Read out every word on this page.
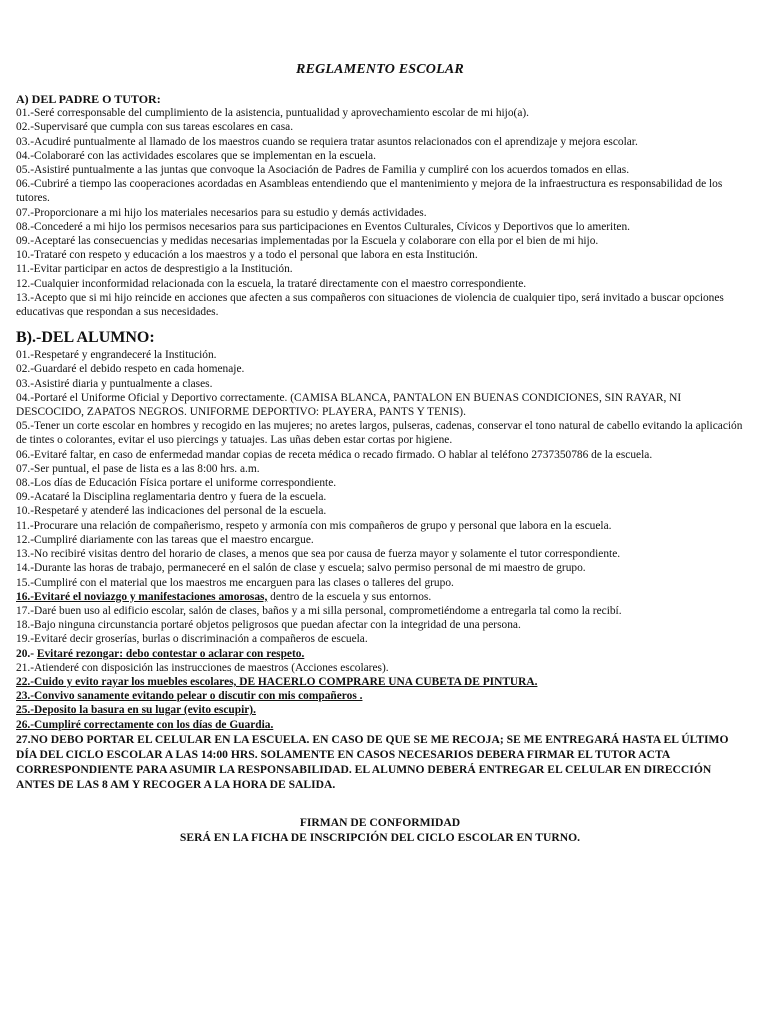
REGLAMENTO ESCOLAR
A) DEL PADRE O TUTOR:
01.-Seré corresponsable del cumplimiento de la asistencia, puntualidad y aprovechamiento escolar de mi hijo(a).
02.-Supervisaré que cumpla con sus tareas escolares en casa.
03.-Acudiré puntualmente al llamado de los maestros cuando se requiera tratar asuntos relacionados con el aprendizaje y mejora escolar.
04.-Colaboraré con las actividades escolares que se implementan en la escuela.
05.-Asistiré puntualmente a las juntas que convoque la Asociación de Padres de Familia y cumpliré con los acuerdos tomados en ellas.
06.-Cubriré a tiempo las cooperaciones acordadas en Asambleas entendiendo que el mantenimiento y mejora de la infraestructura es responsabilidad de los tutores.
07.-Proporcionare a mi hijo los materiales necesarios para su estudio y demás actividades.
08.-Concederé a mi hijo los permisos necesarios para sus participaciones en Eventos Culturales, Cívicos y Deportivos que lo ameriten.
09.-Aceptaré las consecuencias y medidas necesarias implementadas por la Escuela y colaborare con ella por el bien de mi hijo.
10.-Trataré con respeto y educación a los maestros y a todo el personal que labora en esta Institución.
11.-Evitar participar en actos de desprestigio a la Institución.
12.-Cualquier inconformidad relacionada con la escuela, la trataré directamente con el maestro correspondiente.
13.-Acepto que si mi hijo reincide en acciones que afecten a sus compañeros con situaciones de violencia de cualquier tipo, será invitado a buscar opciones educativas que respondan a sus necesidades.
B).-DEL ALUMNO:
01.-Respetaré y engrandeceré la Institución.
02.-Guardaré el debido respeto en cada homenaje.
03.-Asistiré diaria y puntualmente a clases.
04.-Portaré el Uniforme Oficial y Deportivo correctamente. (CAMISA BLANCA, PANTALON EN BUENAS CONDICIONES, SIN RAYAR, NI DESCOCIDO, ZAPATOS NEGROS. UNIFORME DEPORTIVO: PLAYERA, PANTS Y TENIS).
05.-Tener un corte escolar en hombres y recogido en las mujeres; no aretes largos, pulseras, cadenas, conservar el tono natural de cabello evitando la aplicación de tintes o colorantes, evitar el uso piercings y tatuajes. Las uñas deben estar cortas por higiene.
06.-Evitaré faltar, en caso de enfermedad mandar copias de receta médica o recado firmado. O hablar al teléfono 2737350786 de la escuela.
07.-Ser puntual, el pase de lista es a las 8:00 hrs. a.m.
08.-Los días de Educación Física portare el uniforme correspondiente.
09.-Acataré la Disciplina reglamentaria dentro y fuera de la escuela.
10.-Respetaré y atenderé las indicaciones del personal de la escuela.
11.-Procurare una relación de compañerismo, respeto y armonía con mis compañeros de grupo y personal que labora en la escuela.
12.-Cumpliré diariamente con las tareas que el maestro encargue.
13.-No recibiré visitas dentro del horario de clases, a menos que sea por causa de fuerza mayor y solamente el tutor correspondiente.
14.-Durante las horas de trabajo, permaneceré en el salón de clase y escuela; salvo permiso personal de mi maestro de grupo.
15.-Cumpliré con el material que los maestros me encarguen para las clases o talleres del grupo.
16.-Evitaré el noviazgo y manifestaciones amorosas, dentro de la escuela y sus entornos.
17.-Daré buen uso al edificio escolar, salón de clases, baños y a mi silla personal, comprometiéndome a entregarla tal como la recibí.
18.-Bajo ninguna circunstancia portaré objetos peligrosos que puedan afectar con la integridad de una persona.
19.-Evitaré decir groserías, burlas o discriminación a compañeros de escuela.
20.- Evitaré rezongar: debo contestar o aclarar con respeto.
21.-Atienderé con disposición las instrucciones de maestros (Acciones escolares).
22.-Cuido y evito rayar los muebles escolares, DE HACERLO COMPRARE UNA CUBETA DE PINTURA.
23.-Convivo sanamente evitando pelear o discutir con mis compañeros .
25.-Deposito la basura en su lugar (evito escupir).
26.-Cumpliré correctamente con los días de Guardia.
27.NO DEBO PORTAR EL CELULAR EN LA ESCUELA. EN CASO DE QUE SE ME RECOJA; SE ME ENTREGARÁ HASTA EL ÚLTIMO DÍA DEL CICLO ESCOLAR A LAS 14:00 HRS. SOLAMENTE EN CASOS NECESARIOS DEBERA FIRMAR EL TUTOR ACTA CORRESPONDIENTE PARA ASUMIR LA RESPONSABILIDAD. EL ALUMNO DEBERÁ ENTREGAR EL CELULAR EN DIRECCIÓN ANTES DE LAS 8 AM Y RECOGER A LA HORA DE SALIDA.
FIRMAN DE CONFORMIDAD
SERÁ EN LA FICHA DE INSCRIPCIÓN DEL CICLO ESCOLAR EN TURNO.
